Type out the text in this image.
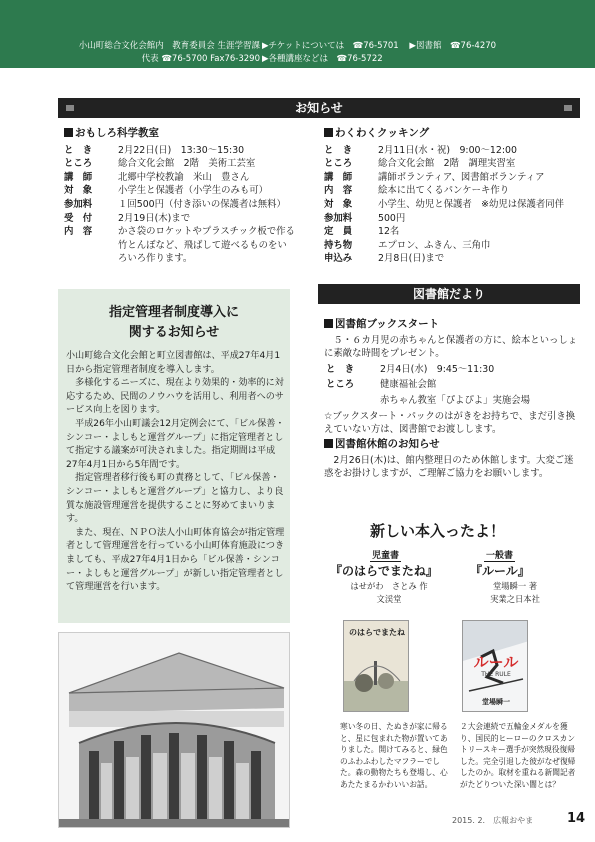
小山町総合文化会館内　教育委員会 生涯学習課
代表 ☎76-5700 Fax76-3290
▶チケットについては　☎76-5701 ▶図書館　☎76-4270
▶各種講座などは　☎76-5722
お知らせ
おもしろ科学教室
と　き	2月22日(日)　13:30～15:30
ところ	総合文化会館　2階　美術工芸室
講　師	北郷中学校教諭　米山　豊さん
対　象	小学生と保護者（小学生のみも可）
参加料	１回500円（付き添いの保護者は無料）
受　付	2月19日(木)まで
内　容	かさ袋のロケットやプラスチック板で作る竹とんぼなど、飛ばして遊べるものをいろいろ作ります。
わくわくクッキング
と　き	2月11日(水・祝)　9:00～12:00
ところ	総合文化会館　2階　調理実習室
講　師	講師ボランティア、図書館ボランティア
内　容	絵本に出てくるパンケーキ作り
対　象	小学生、幼児と保護者　※幼児は保護者同伴
参加料	500円
定　員	12名
持ち物	エプロン、ふきん、三角巾
申込み	2月8日(日)まで
指定管理者制度導入に
関するお知らせ

小山町総合文化会館と町立図書館は、平成27年4月1日から指定管理者制度を導入します。

多様化するニーズに、現在より効果的・効率的に対応するため、民間のノウハウを活用し、利用者へのサービス向上を図ります。

平成26年小山町議会12月定例会にて、「ビル保善・シンコー・よしもと運営グループ」に指定管理者として指定する議案が可決されました。指定期間は平成27年4月1日から5年間です。

指定管理者移行後も町の責務として、「ビル保善・シンコー・よしもと運営グループ」と協力し、より良質な施設管理運営を提供することに努めてまいります。

また、現在、ＮＰＯ法人小山町体育協会が指定管理者として管理運営を行っている小山町体育施設につきましても、平成27年4月1日から「ビル保善・シンコー・よしもと運営グループ」が新しい指定管理者として管理運営を行います。

図書館だより
図書館ブックスタート

５・６カ月児の赤ちゃんと保護者の方に、絵本といっしょに素敵な時間をプレゼント。

と　き	2月4日(水)　9:45～11:30
ところ	健康福祉会館
	赤ちゃん教室「ぴよぴよ」実施会場

☆ブックスタート・パックのはがきをお持ちで、まだ引き換えていない方は、図書館でお渡しします。

図書館休館のお知らせ

2月26日(木)は、館内整理日のため休館します。大変ご迷惑をお掛けしますが、ご理解ご協力をお願いします。

新しい本入ったよ！
児童書
『のはらでまたね』
はせがわ　さとみ 作
文渓堂
のはらでまたね
寒い冬の日、たぬきが家に帰ると、星に包まれた物が置いてありました。開けてみると、緑色のふわふわしたマフラーでした。森の動物たちも登場し、心あたたまるかわいいお話。
一般書
『ルール』
堂場瞬一 著
実業之日本社
ルール
THE RULE
堂場瞬一
２大会連続で五輪金メダルを獲り、国民的ヒーローのクロスカントリースキー選手が突然現役復帰した。完全引退した彼がなぜ復帰したのか。取材を重ねる新聞記者がたどりついた深い闇とは？
2015. 2.　広報おやま	14
